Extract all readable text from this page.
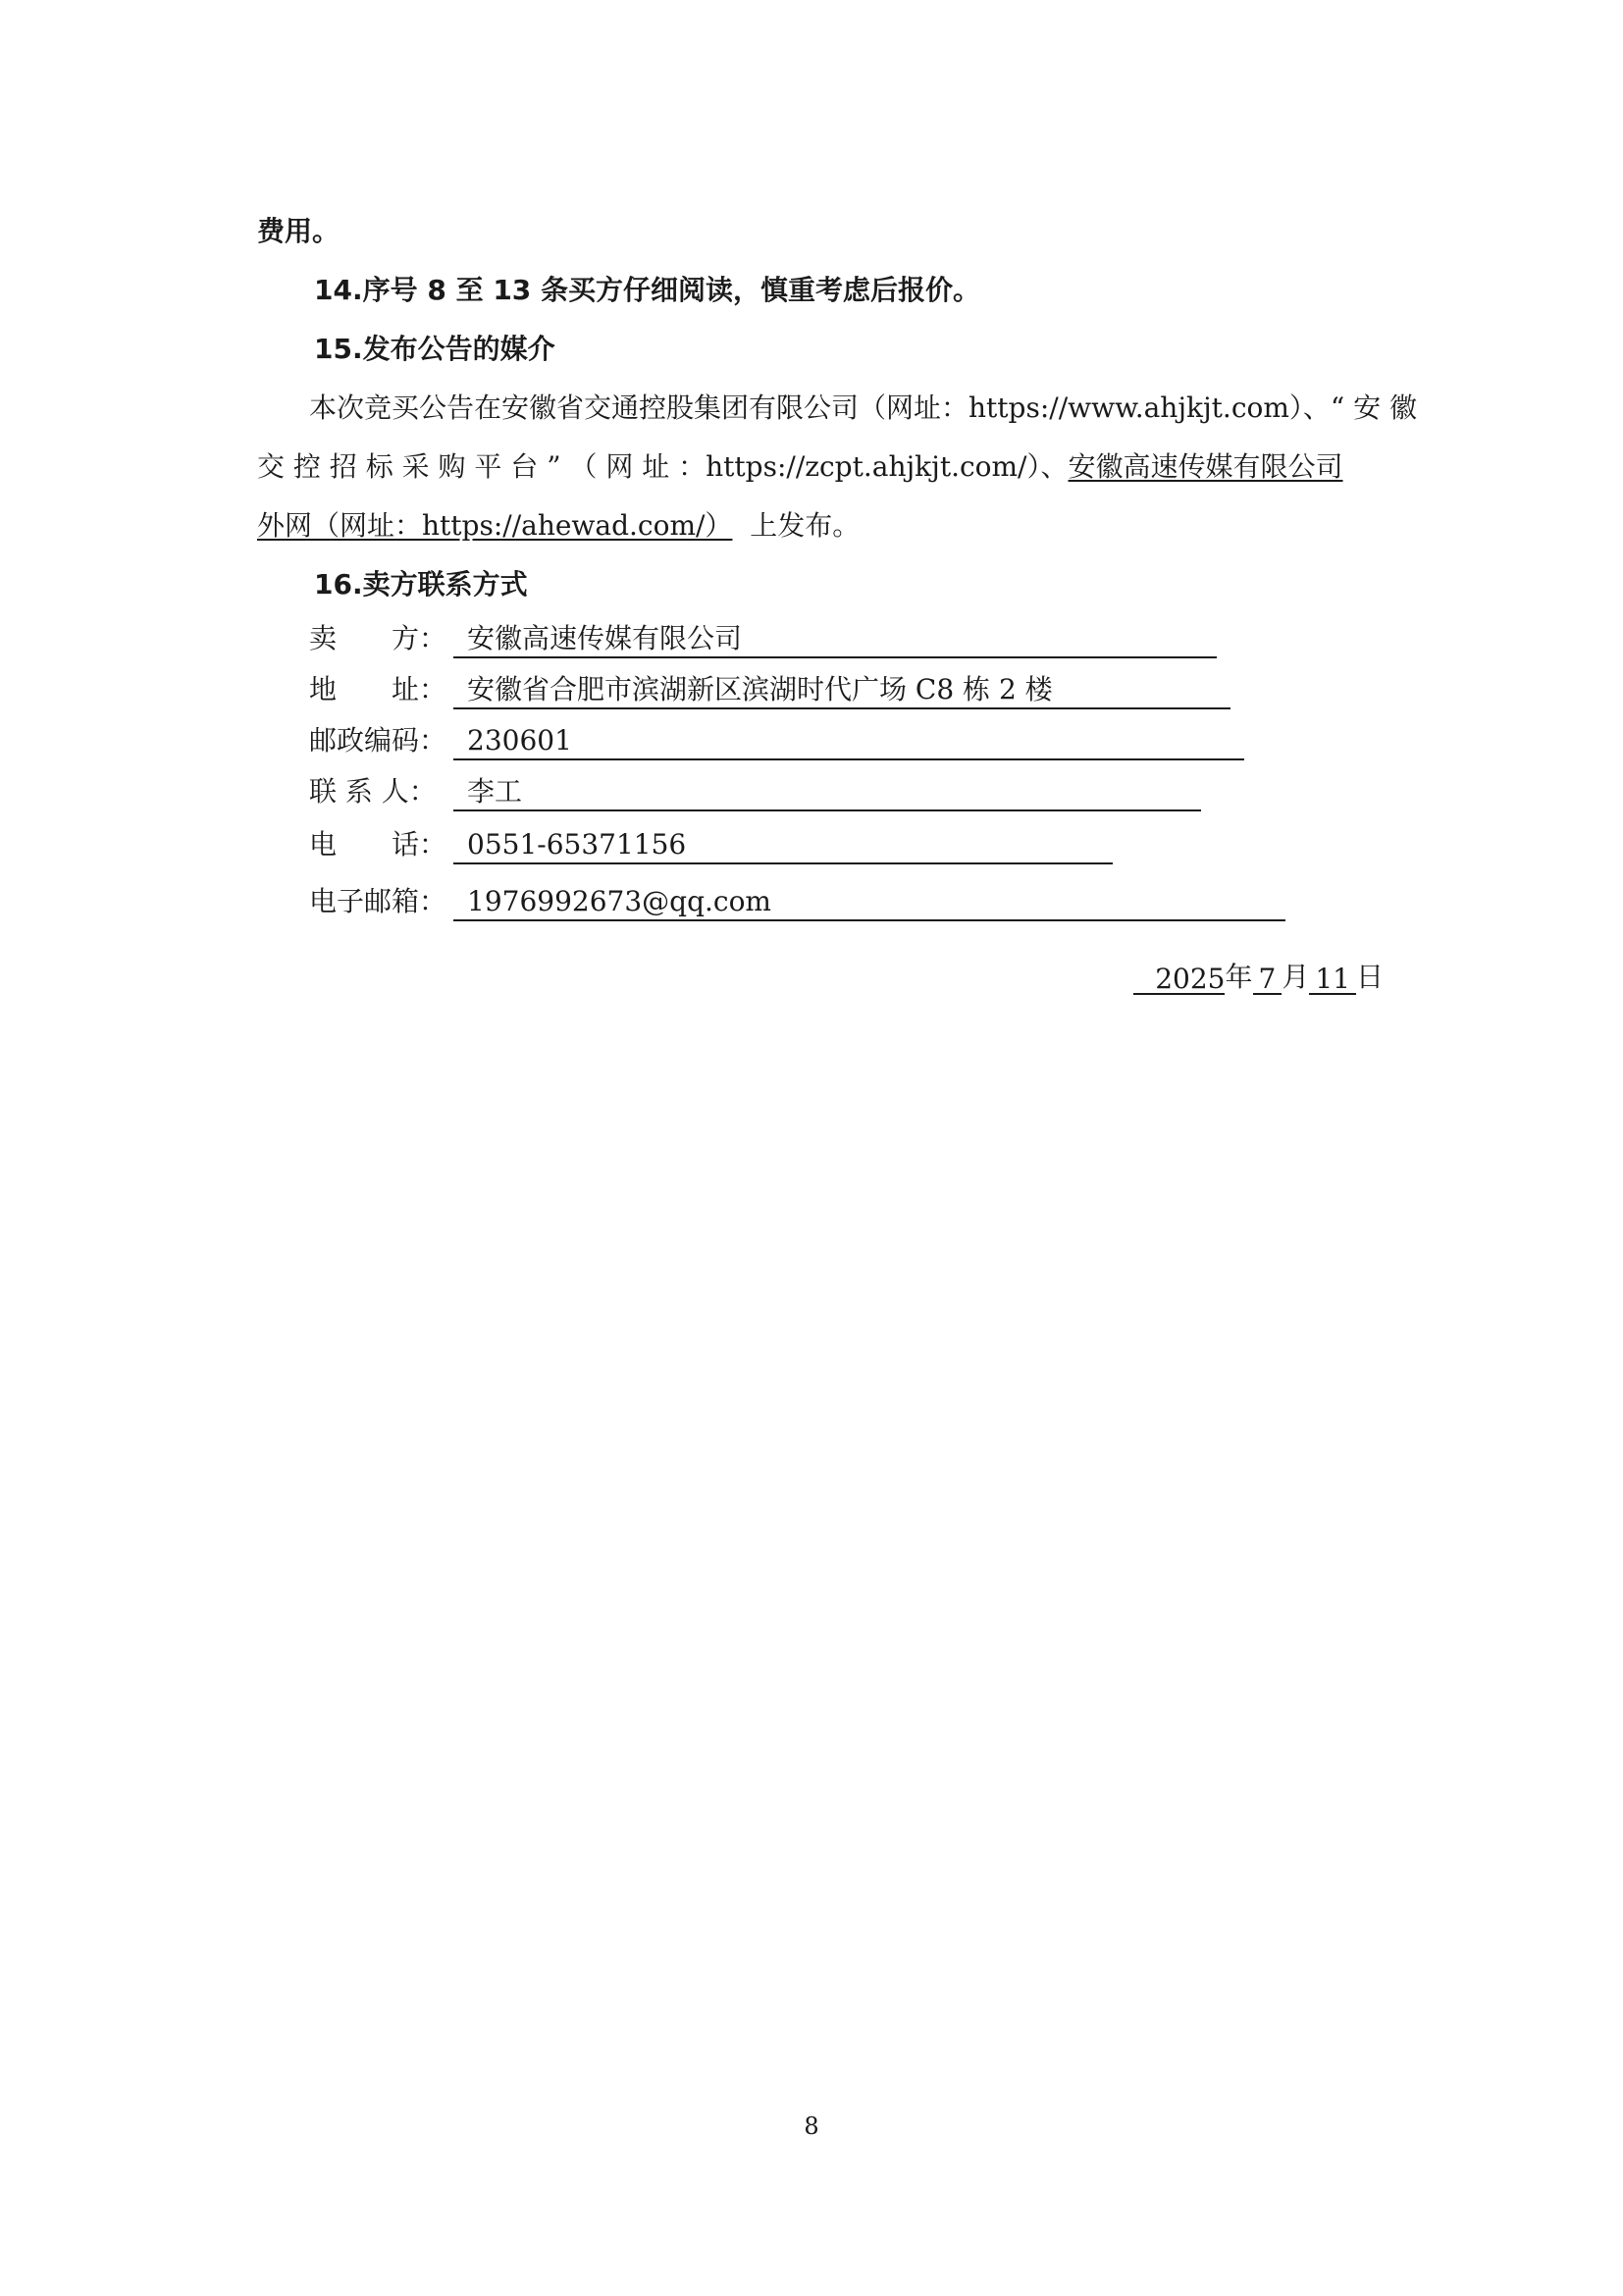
费用。
14.序号 8 至 13 条买方仔细阅读，慎重考虑后报价。
15.发布公告的媒介
本次竞买公告在安徽省交通控股集团有限公司（网址：https://www.ahjkjt.com）、“ 安 徽
交 控 招 标 采 购 平 台 ” （ 网 址 ：https://zcpt.ahjkjt.com/）、安徽高速传媒有限公司
外网（网址：https://ahewad.com/） 上发布。
16.卖方联系方式
卖　　方： 安徽高速传媒有限公司
地　　址： 安徽省合肥市滨湖新区滨湖时代广场 C8 栋 2 楼
邮政编码： 230601
联 系 人：	李工
电　　话： 0551-65371156
电子邮箱： 1976992673@qq.com
2025年 7 月 11 日
8
